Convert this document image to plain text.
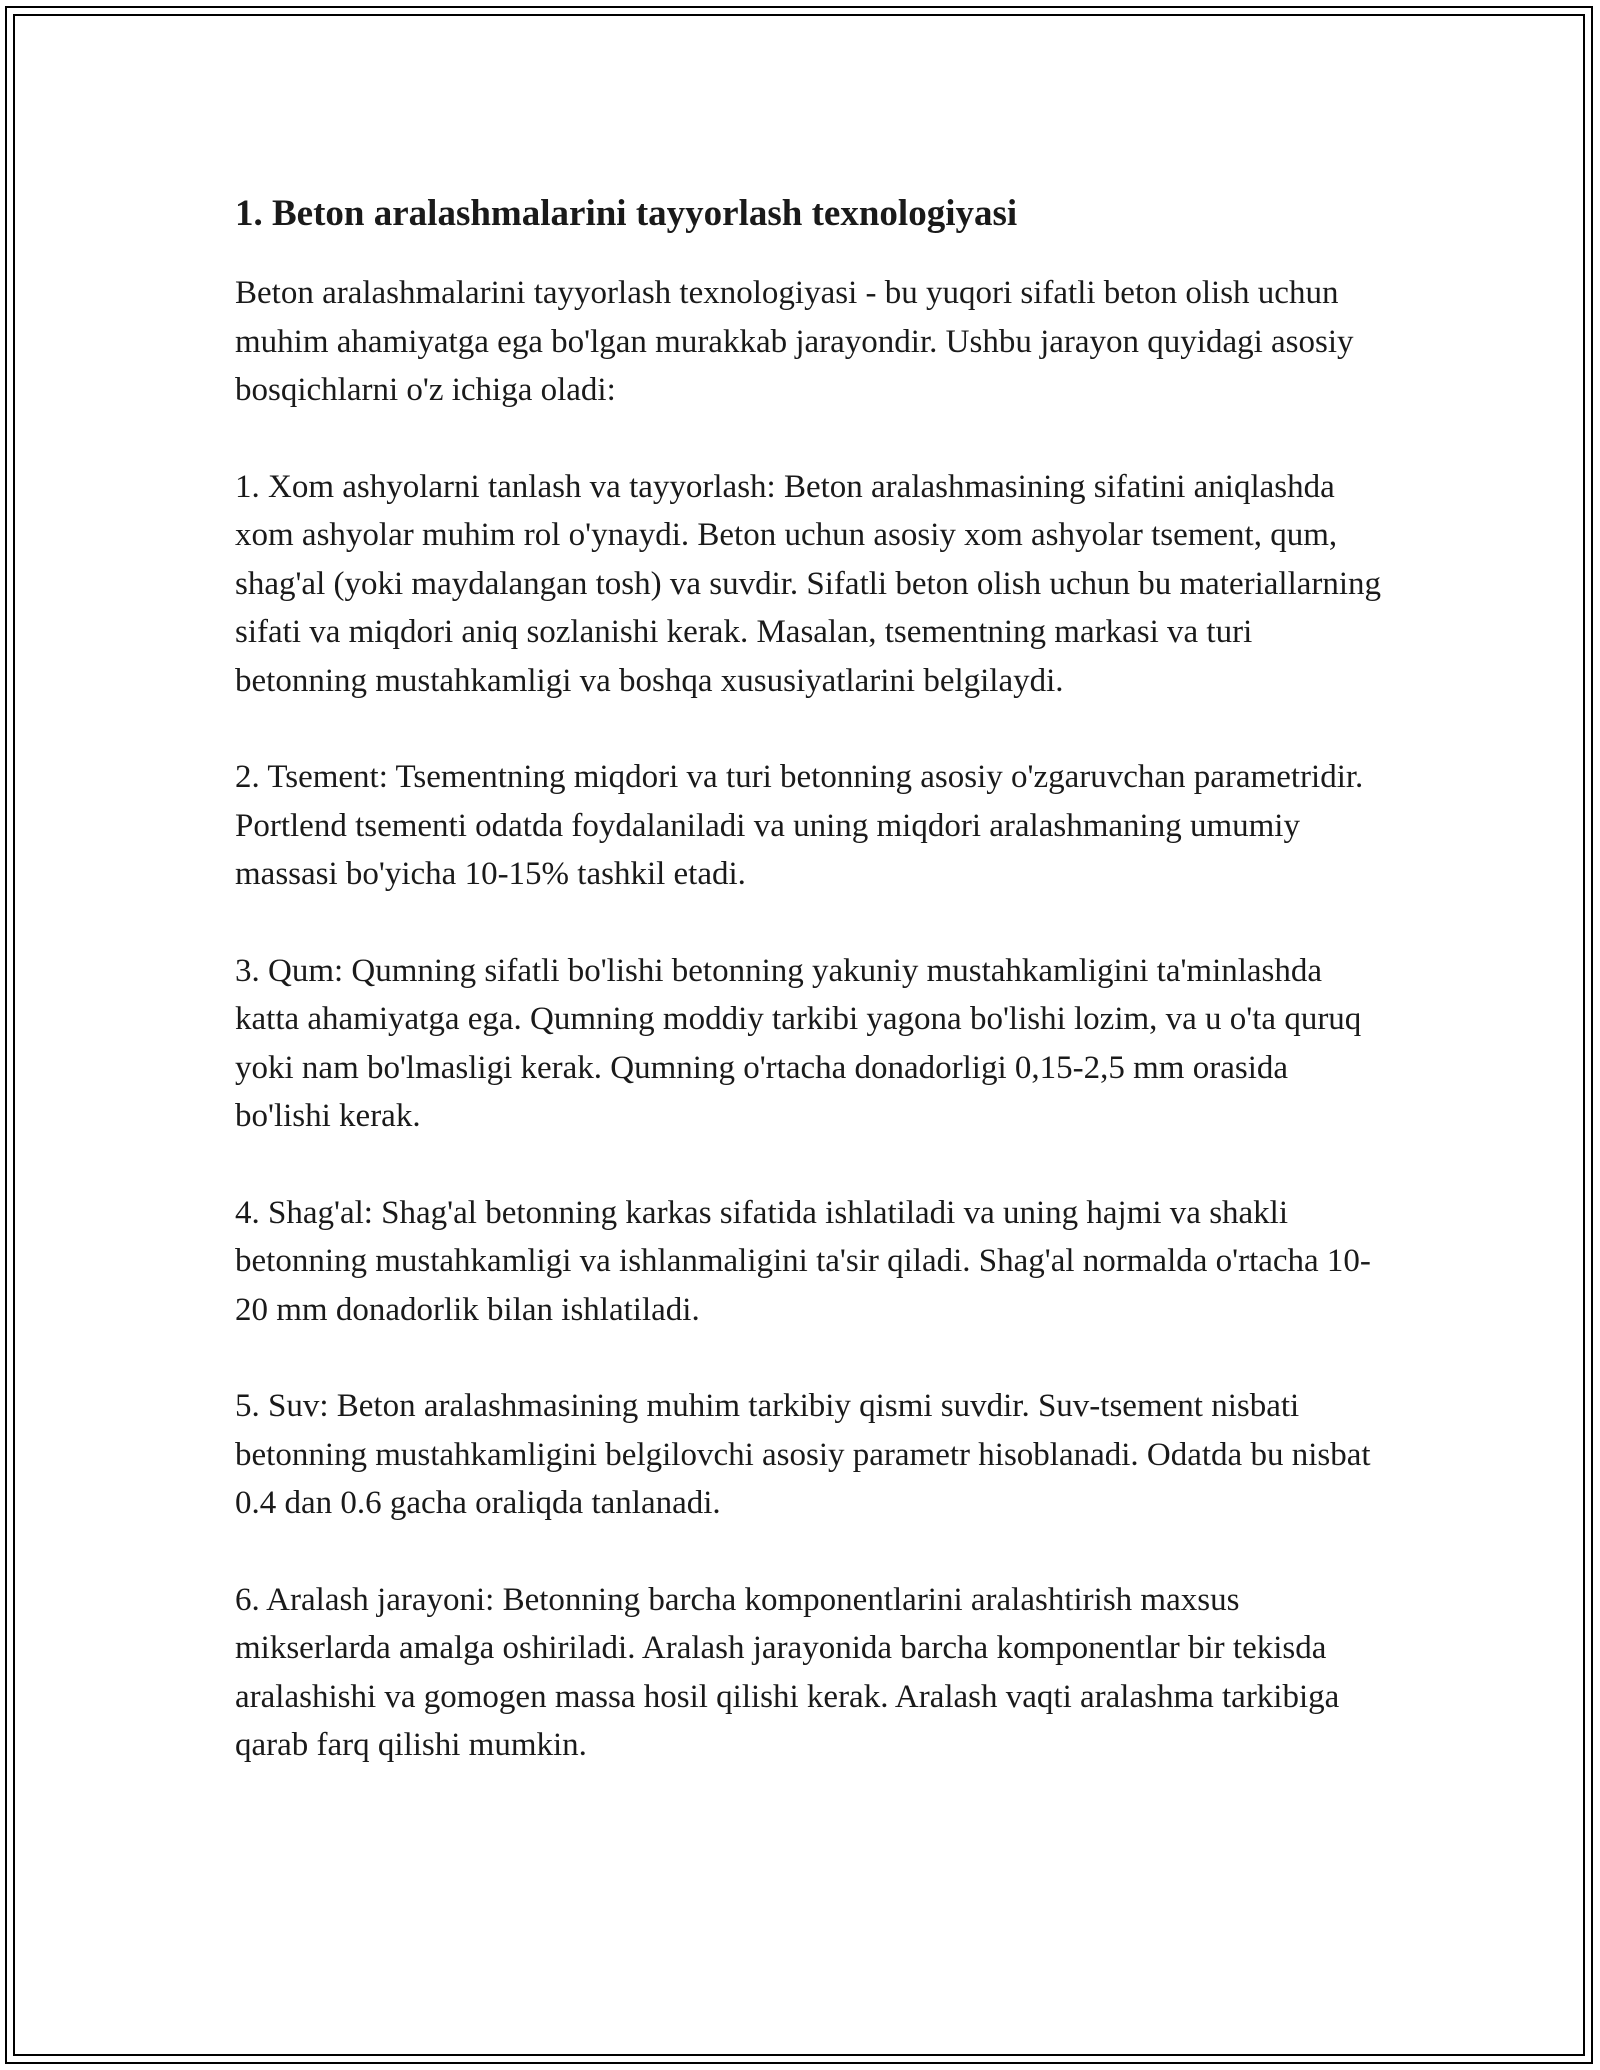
1. Beton aralashmalarini tayyorlash texnologiyasi

Beton aralashmalarini tayyorlash texnologiyasi - bu yuqori sifatli beton olish uchun muhim ahamiyatga ega bo'lgan murakkab jarayondir. Ushbu jarayon quyidagi asosiy bosqichlarni o'z ichiga oladi:

1. Xom ashyolarni tanlash va tayyorlash: Beton aralashmasining sifatini aniqlashda xom ashyolar muhim rol o'ynaydi. Beton uchun asosiy xom ashyolar tsement, qum, shag'al (yoki maydalangan tosh) va suvdir. Sifatli beton olish uchun bu materiallarning sifati va miqdori aniq sozlanishi kerak. Masalan, tsementning markasi va turi betonning mustahkamligi va boshqa xususiyatlarini belgilaydi.

2. Tsement: Tsementning miqdori va turi betonning asosiy o'zgaruvchan parametridir. Portlend tsementi odatda foydalaniladi va uning miqdori aralashmaning umumiy massasi bo'yicha 10-15% tashkil etadi.

3. Qum: Qumning sifatli bo'lishi betonning yakuniy mustahkamligini ta'minlashda katta ahamiyatga ega. Qumning moddiy tarkibi yagona bo'lishi lozim, va u o'ta quruq yoki nam bo'lmasligi kerak. Qumning o'rtacha donadorligi 0,15-2,5 mm orasida bo'lishi kerak.

4. Shag'al: Shag'al betonning karkas sifatida ishlatiladi va uning hajmi va shakli betonning mustahkamligi va ishlanmaligini ta'sir qiladi. Shag'al normalda o'rtacha 10-20 mm donadorlik bilan ishlatiladi.

5. Suv: Beton aralashmasining muhim tarkibiy qismi suvdir. Suv-tsement nisbati betonning mustahkamligini belgilovchi asosiy parametr hisoblanadi. Odatda bu nisbat 0.4 dan 0.6 gacha oraliqda tanlanadi.

6. Aralash jarayoni: Betonning barcha komponentlarini aralashtirish maxsus mikserlarda amalga oshiriladi. Aralash jarayonida barcha komponentlar bir tekisda aralashishi va gomogen massa hosil qilishi kerak. Aralash vaqti aralashma tarkibiga qarab farq qilishi mumkin.
